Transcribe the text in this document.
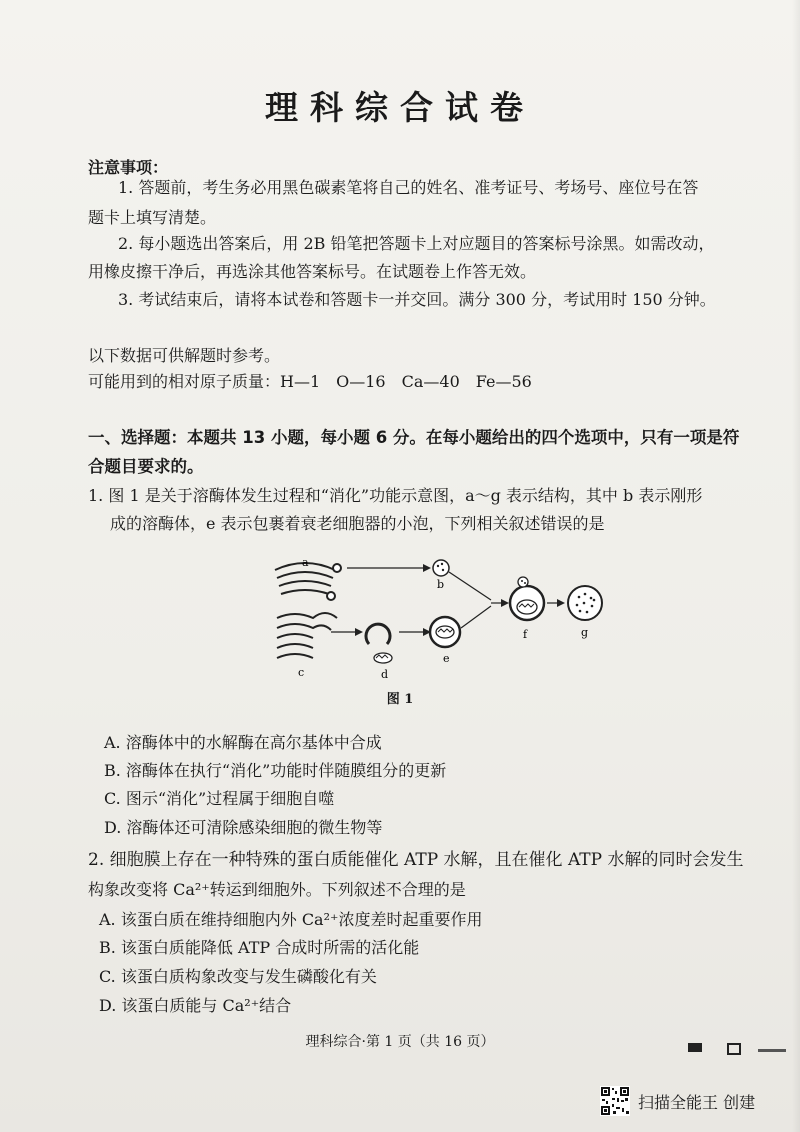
理科综合试卷
注意事项：
1. 答题前，考生务必用黑色碳素笔将自己的姓名、准考证号、考场号、座位号在答
题卡上填写清楚。
2. 每小题选出答案后，用 2B 铅笔把答题卡上对应题目的答案标号涂黑。如需改动，
用橡皮擦干净后，再选涂其他答案标号。在试题卷上作答无效。
3. 考试结束后，请将本试卷和答题卡一并交回。满分 300 分，考试用时 150 分钟。
以下数据可供解题时参考。
可能用到的相对原子质量：H—1　O—16　Ca—40　Fe—56
一、选择题：本题共 13 小题，每小题 6 分。在每小题给出的四个选项中，只有一项是符
合题目要求的。
1. 图 1 是关于溶酶体发生过程和“消化”功能示意图，a～g 表示结构，其中 b 表示刚形
成的溶酶体，e 表示包裹着衰老细胞器的小泡，下列相关叙述错误的是
a
b
c	d
e
f	g
图 1
A. 溶酶体中的水解酶在高尔基体中合成
B. 溶酶体在执行“消化”功能时伴随膜组分的更新
C. 图示“消化”过程属于细胞自噬
D. 溶酶体还可清除感染细胞的微生物等
2. 细胞膜上存在一种特殊的蛋白质能催化 ATP 水解，且在催化 ATP 水解的同时会发生
构象改变将 Ca²⁺转运到细胞外。下列叙述不合理的是
A. 该蛋白质在维持细胞内外 Ca²⁺浓度差时起重要作用
B. 该蛋白质能降低 ATP 合成时所需的活化能
C. 该蛋白质构象改变与发生磷酸化有关
D. 该蛋白质能与 Ca²⁺结合
理科综合·第 1 页（共 16 页）
扫描全能王 创建
